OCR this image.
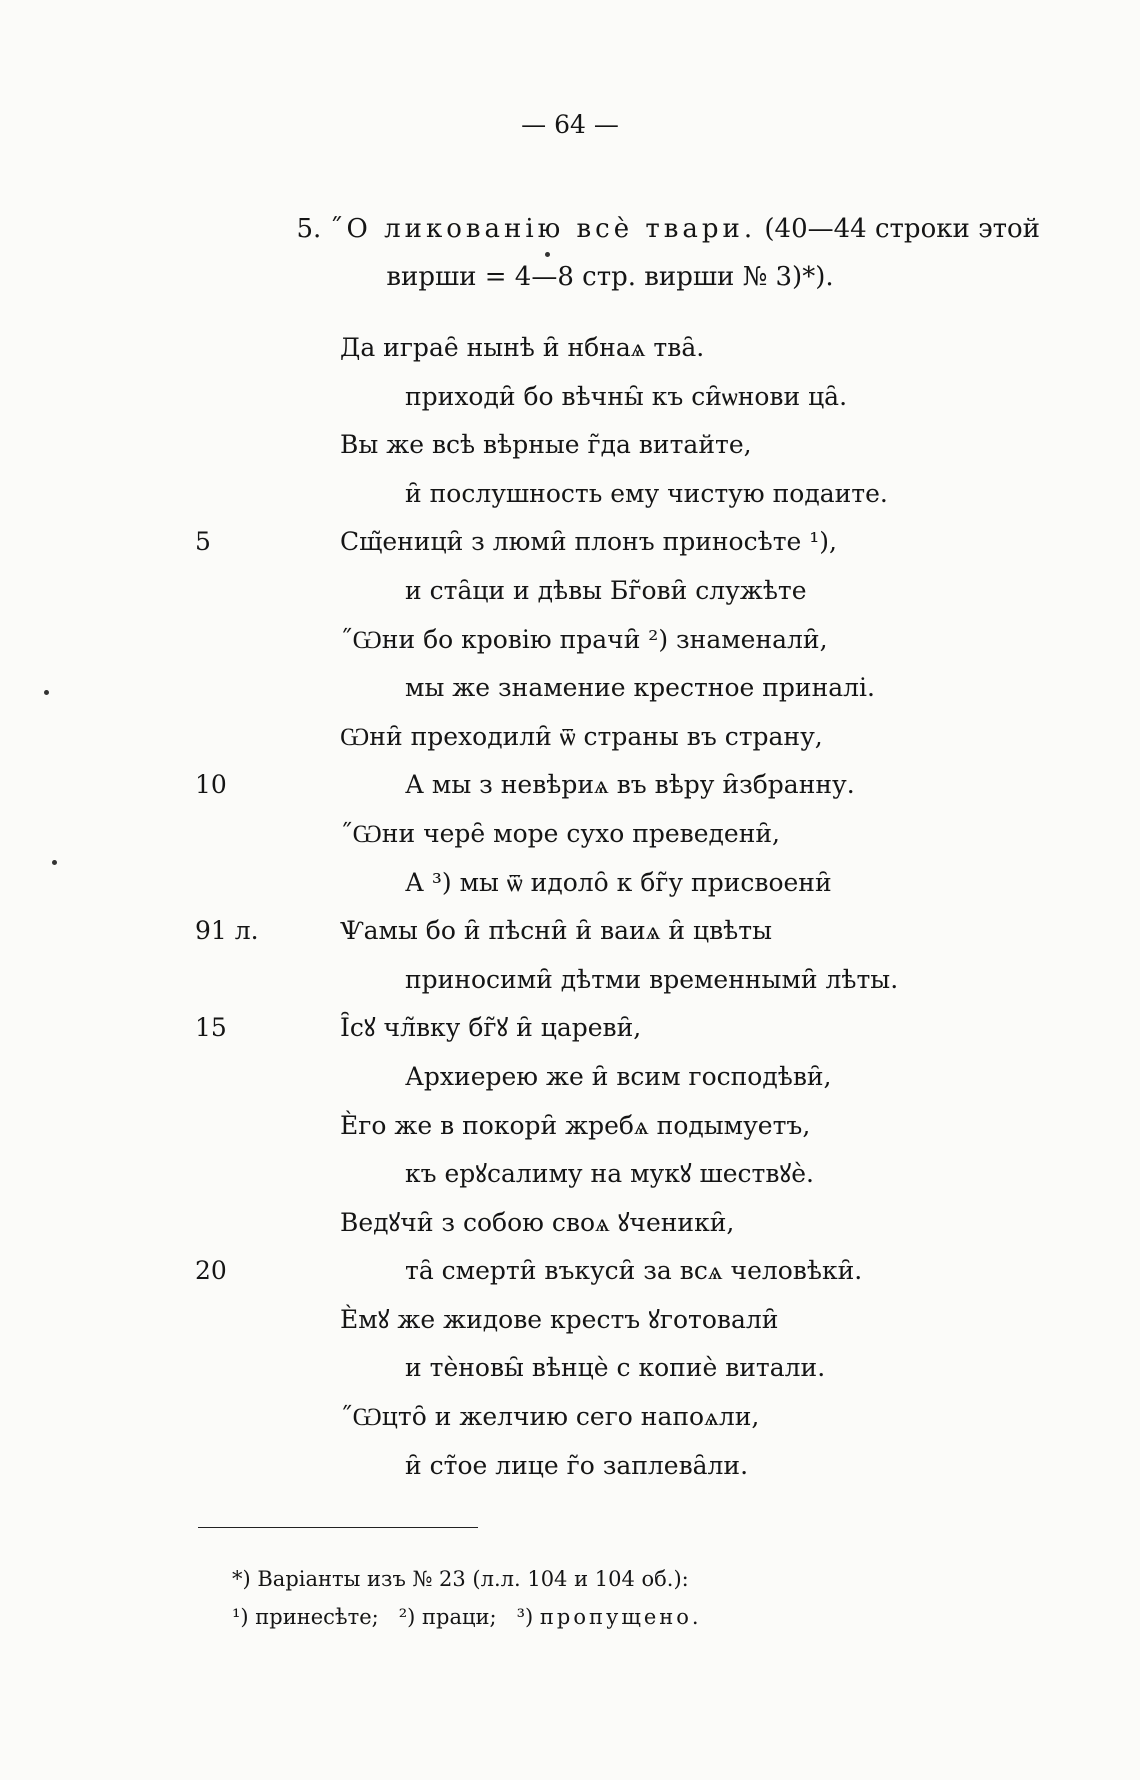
— 64 —
5. ˝О ликованію всѐ твари. (40—44 строки этой
вирши = 4—8 стр. вирши № 3)*).
Да играе̑ нынѣ и̑ нбнаѧ тва̑.
приходи̑ бо вѣчны̑ къ си̑ѡнови ца̑.
Вы же всѣ вѣрные г̃да витайте,
и̑ послушность ему чистую подаите.
5	Сщ̃еници̑ з люми̑ плонъ приносѣте ¹),
и ста̑ци и дѣвы Бг̃ови̑ служѣте
˝Ѡни бо кровію прачи̑ ²) знаменали̑,
мы же знамение крестное приналі.
Ѡни̑ преходили̑ ѿ страны въ страну,
10	А мы з невѣриѧ въ вѣру и̑збранну.
˝Ѡни чере̑ море сухо преведени̑,
А ³) мы ѿ идоло̑ к бг̃у присвоени̑
91 л.	Ѱамы бо и̑ пѣсни̑ и̑ ваиѧ и̑ цвѣты
приносими̑ дѣтми временными̑ лѣты.
15	І̑сꙋ чл̃вку бг̃ꙋ и̑ цареви̑,
Архиерею же и̑ всим господѣви̑,
Ѐго же в покори̑ жребѧ подымуетъ,
къ ерꙋсалиму на мукꙋ шествꙋѐ.
Ведꙋчи̑ з собою своѧ ꙋченики̑,
20	та̑ смерти̑ въкуси̑ за всѧ человѣки̑.
Ѐмꙋ же жидове крестъ ꙋготовали̑
и тѐновы̑ вѣнцѐ с копиѐ витали.
˝Ѡцто̑ и желчию сего напоѧли,
и̑ ст̃ое лице г̃о заплева̑ли.
*) Варіанты изъ № 23 (л.л. 104 и 104 об.):
¹) принесѣте; ²) праци; ³) пропущено.
